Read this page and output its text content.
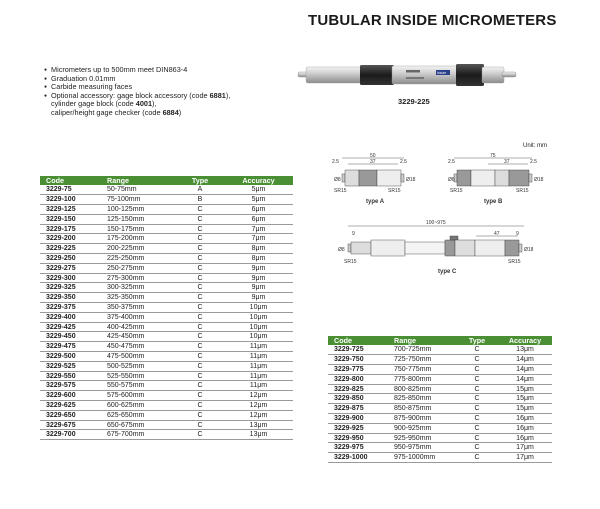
TUBULAR INSIDE MICROMETERS
● Micrometers up to 500mm meet DIN863-4
● Graduation 0.01mm
● Carbide measuring faces
● Optional accessory: gage block accessory (code 6881),
cylinder gage block (code 4001),
caliper/height gage checker (code 6884)
Insize
3229-225
Unit: mm
50
37
2.5	2.5
SR15	SR15
Ø8	Ø18
type A
75
37
2.5	2.5
SR15	SR15
Ø8	Ø18
type B
100~975
9	47	9
SR15	SR15
Ø8	Ø18
type C
Code	Range	Type	Accuracy
3229-75	50-75mm	A	5μm
3229-100	75-100mm	B	5μm
3229-125	100-125mm	C	6μm
3229-150	125-150mm	C	6μm
3229-175	150-175mm	C	7μm
3229-200	175-200mm	C	7μm
3229-225	200-225mm	C	8μm
3229-250	225-250mm	C	8μm
3229-275	250-275mm	C	9μm
3229-300	275-300mm	C	9μm
3229-325	300-325mm	C	9μm
3229-350	325-350mm	C	9μm
3229-375	350-375mm	C	10μm
3229-400	375-400mm	C	10μm
3229-425	400-425mm	C	10μm
3229-450	425-450mm	C	10μm
3229-475	450-475mm	C	11μm
3229-500	475-500mm	C	11μm
3229-525	500-525mm	C	11μm
3229-550	525-550mm	C	11μm
3229-575	550-575mm	C	11μm
3229-600	575-600mm	C	12μm
3229-625	600-625mm	C	12μm
3229-650	625-650mm	C	12μm
3229-675	650-675mm	C	13μm
3229-700	675-700mm	C	13μm
Code	Range	Type	Accuracy
3229-725	700-725mm	C	13μm
3229-750	725-750mm	C	14μm
3229-775	750-775mm	C	14μm
3229-800	775-800mm	C	14μm
3229-825	800-825mm	C	15μm
3229-850	825-850mm	C	15μm
3229-875	850-875mm	C	15μm
3229-900	875-900mm	C	16μm
3229-925	900-925mm	C	16μm
3229-950	925-950mm	C	16μm
3229-975	950-975mm	C	17μm
3229-1000	975-1000mm	C	17μm
